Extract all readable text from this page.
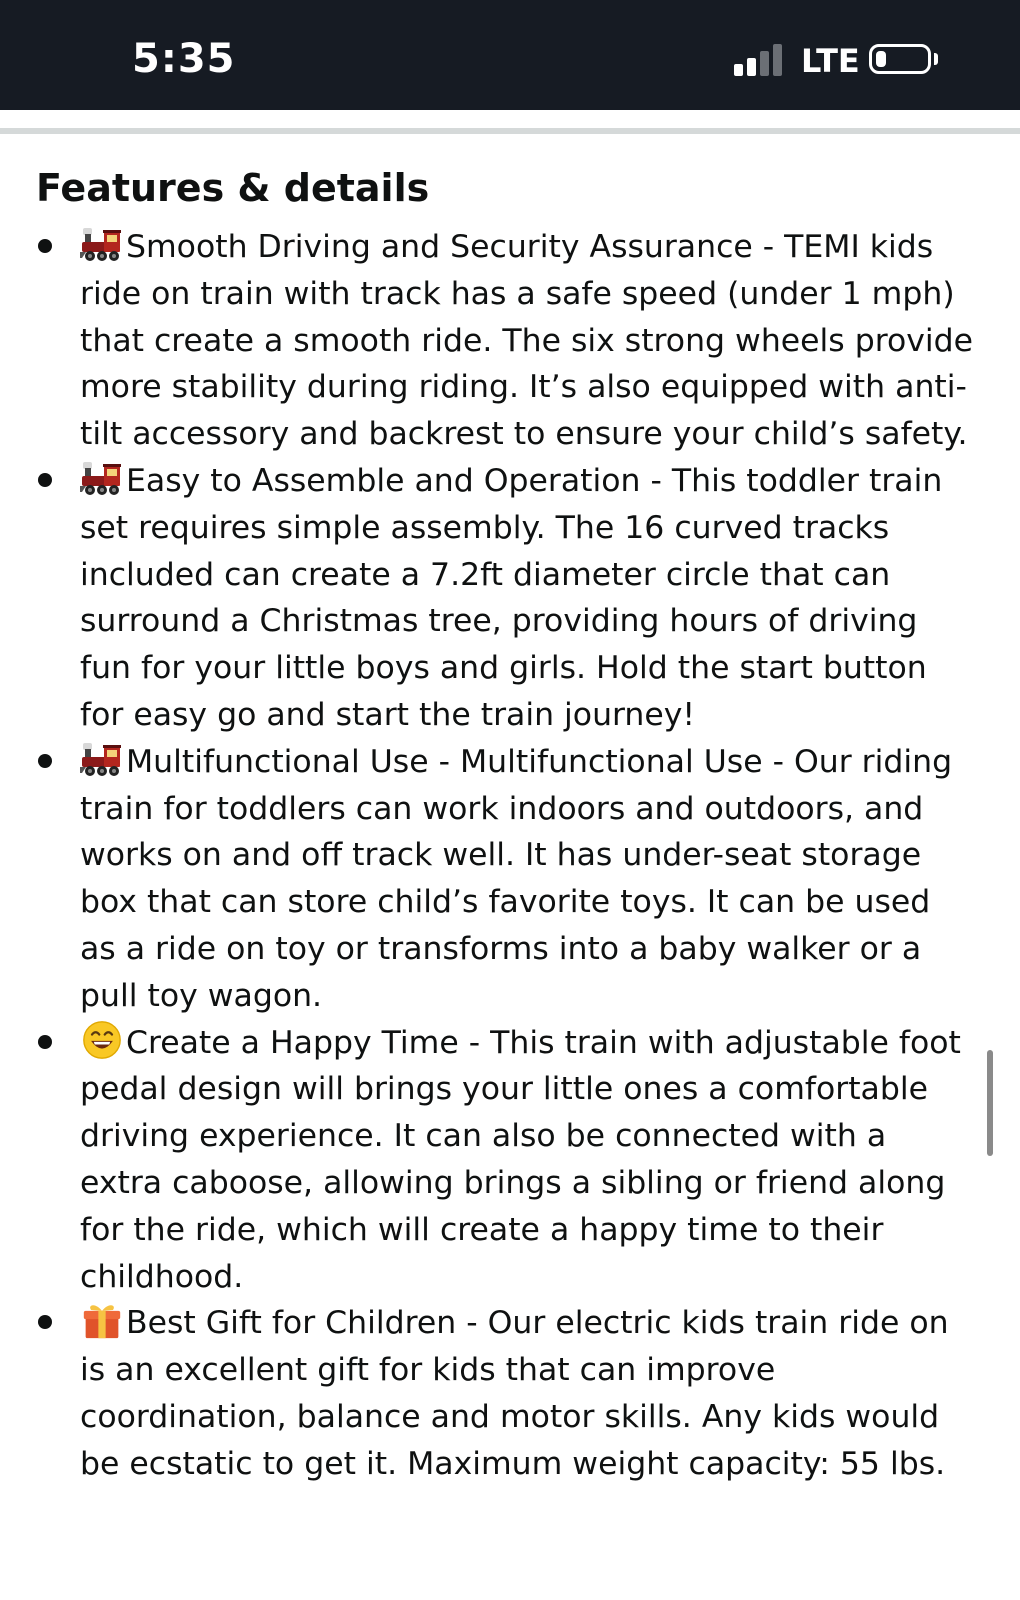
5:35	LTE
Features & details
Smooth Driving and Security Assurance - TEMI kids ride on train with track has a safe speed (under 1 mph) that create a smooth ride. The six strong wheels provide more stability during riding. It’s also equipped with anti-tilt accessory and backrest to ensure your child’s safety.
Easy to Assemble and Operation - This toddler train set requires simple assembly. The 16 curved tracks included can create a 7.2ft diameter circle that can surround a Christmas tree, providing hours of driving fun for your little boys and girls. Hold the start button for easy go and start the train journey!
Multifunctional Use - Multifunctional Use - Our riding train for toddlers can work indoors and outdoors, and works on and off track well. It has under-seat storage box that can store child’s favorite toys. It can be used as a ride on toy or transforms into a baby walker or a pull toy wagon.
Create a Happy Time - This train with adjustable foot pedal design will brings your little ones a comfortable driving experience. It can also be connected with a extra caboose, allowing brings a sibling or friend along for the ride, which will create a happy time to their childhood.
Best Gift for Children - Our electric kids train ride on is an excellent gift for kids that can improve coordination, balance and motor skills. Any kids would be ecstatic to get it. Maximum weight capacity: 55 lbs.
